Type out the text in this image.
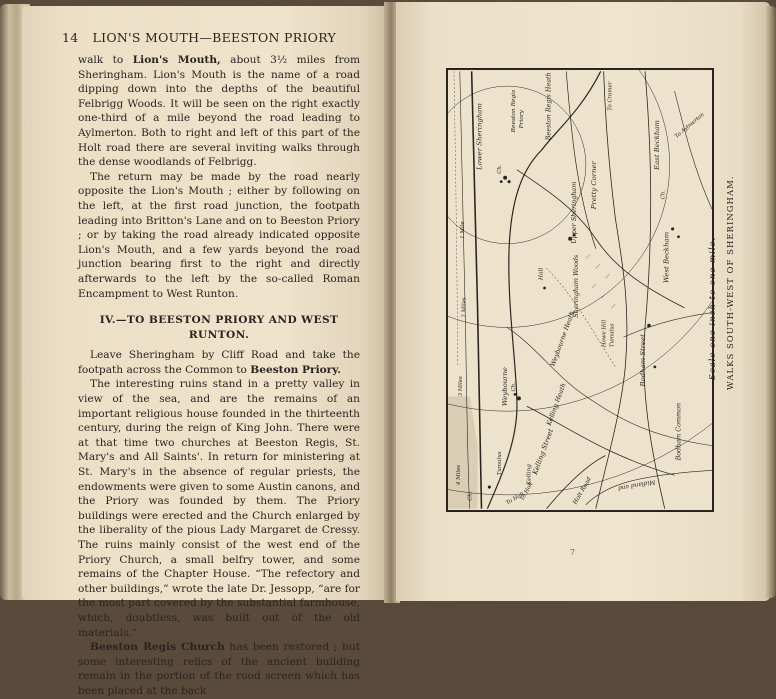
14 LION'S MOUTH—BEESTON PRIORY

walk to Lion's Mouth, about 3½ miles from Sheringham. Lion's Mouth is the name of a road dipping down into the depths of the beautiful Felbrigg Woods. It will be seen on the right exactly one-third of a mile beyond the road leading to Aylmerton. Both to right and left of this part of the Holt road there are several inviting walks through the dense woodlands of Felbrigg.

The return may be made by the road nearly opposite the Lion's Mouth ; either by following on the left, at the first road junction, the footpath leading into Britton's Lane and on to Beeston Priory ; or by taking the road already indicated opposite Lion's Mouth, and a few yards beyond the road junction bearing first to the right and directly afterwards to the left by the so-called Roman Encampment to West Runton.

IV.—TO BEESTON PRIORY AND WEST RUNTON.

Leave Sheringham by Cliff Road and take the footpath across the Common to Beeston Priory.

The interesting ruins stand in a pretty valley in view of the sea, and are the remains of an important religious house founded in the thirteenth century, during the reign of King John. There were at that time two churches at Beeston Regis, St. Mary's and All Saints'. In return for ministering at St. Mary's in the absence of regular priests, the endowments were given to some Austin canons, and the Priory was founded by them. The Priory buildings were erected and the Church enlarged by the liberality of the pious Lady Margaret de Cressy. The ruins mainly consist of the west end of the Priory Church, a small belfry tower, and some remains of the Chapter House. “The refectory and other buildings,” wrote the late Dr. Jessopp, “are for the most part covered by the substantial farmhouse, which, doubtless, was built out of the old materials.”

Beeston Regis Church has been restored ; but some interesting relics of the ancient building remain in the portion of the rood screen which has been placed at the back

Lower Sheringham	Beeston Regis Priory	Beeston Regis Heath	To Cromer
East Beckham To Aylmerton
Pretty Corner
Upper Sheringham
1 Mile
Hall	Sheringham Woods	West Beckham
2 Miles
Howe Hill Tumulus
Weybourne Heath	Bodham Street
Weybourne
3 Miles
Tumulus
Kelling Heath
Kelling Street
Kelling
Bodham Common
4 Miles
Holt Road	Midland and
To Holt
To Holt
Ch.
Ch.
Ch.
Ch.
Scale one inch to one mile. WALKS SOUTH-WEST OF SHERINGHAM.
7
